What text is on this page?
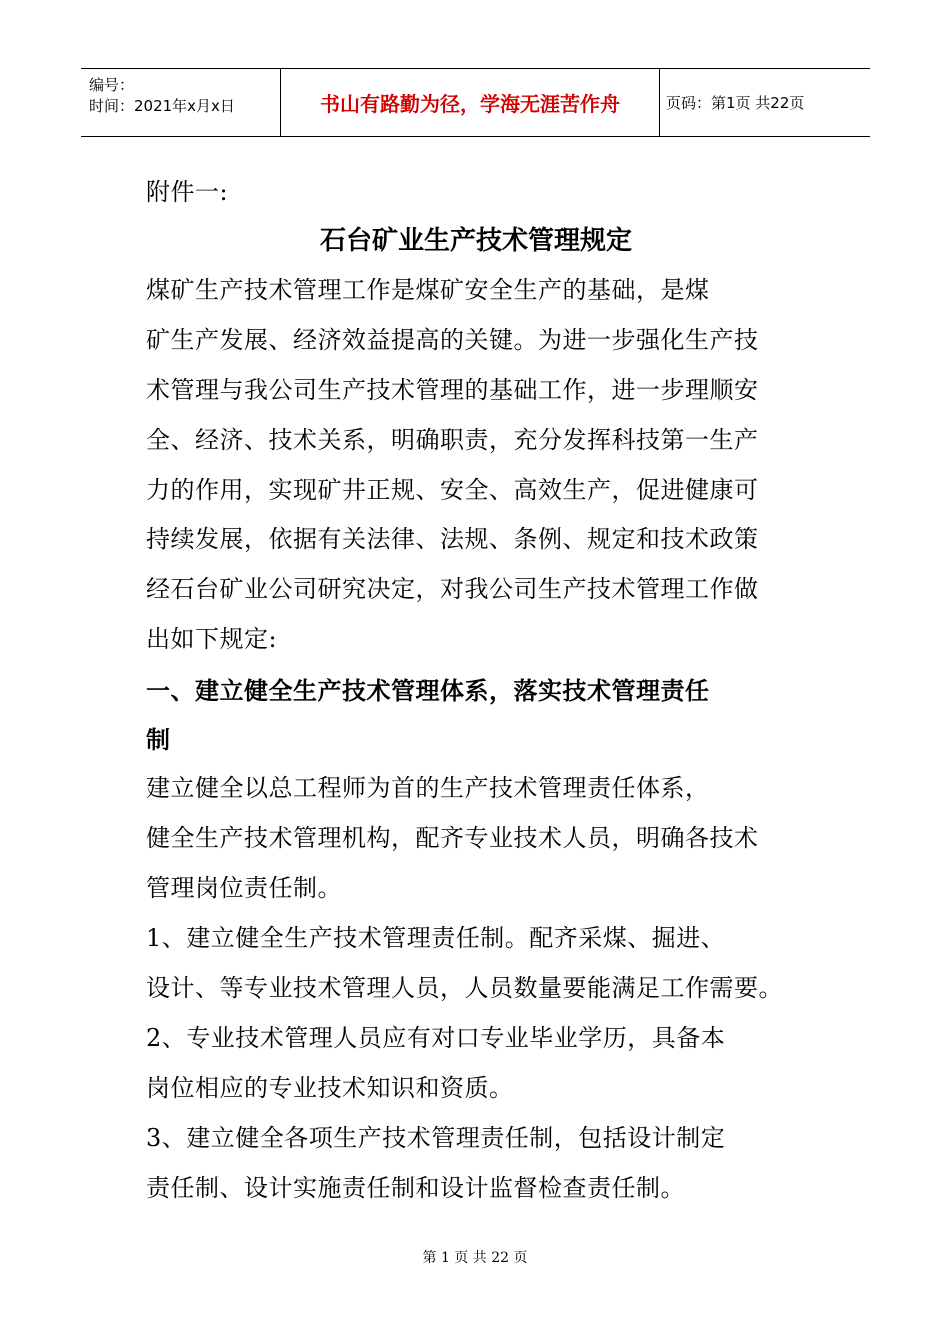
编号：
时间：2021年x月x日	书山有路勤为径，学海无涯苦作舟	页码：第1页 共22页
附件一:
石台矿业生产技术管理规定
煤矿生产技术管理工作是煤矿安全生产的基础，是煤
矿生产发展、经济效益提高的关键。为进一步强化生产技
术管理与我公司生产技术管理的基础工作，进一步理顺安
全、经济、技术关系，明确职责，充分发挥科技第一生产
力的作用，实现矿井正规、安全、高效生产，促进健康可
持续发展，依据有关法律、法规、条例、规定和技术政策
经石台矿业公司研究决定，对我公司生产技术管理工作做
出如下规定:
一、建立健全生产技术管理体系，落实技术管理责任
制
建立健全以总工程师为首的生产技术管理责任体系，
健全生产技术管理机构，配齐专业技术人员，明确各技术
管理岗位责任制。
1、建立健全生产技术管理责任制。配齐采煤、掘进、
设计、等专业技术管理人员，人员数量要能满足工作需要。
2、专业技术管理人员应有对口专业毕业学历，具备本
岗位相应的专业技术知识和资质。
3、建立健全各项生产技术管理责任制，包括设计制定
责任制、设计实施责任制和设计监督检查责任制。
第 1 页 共 22 页
